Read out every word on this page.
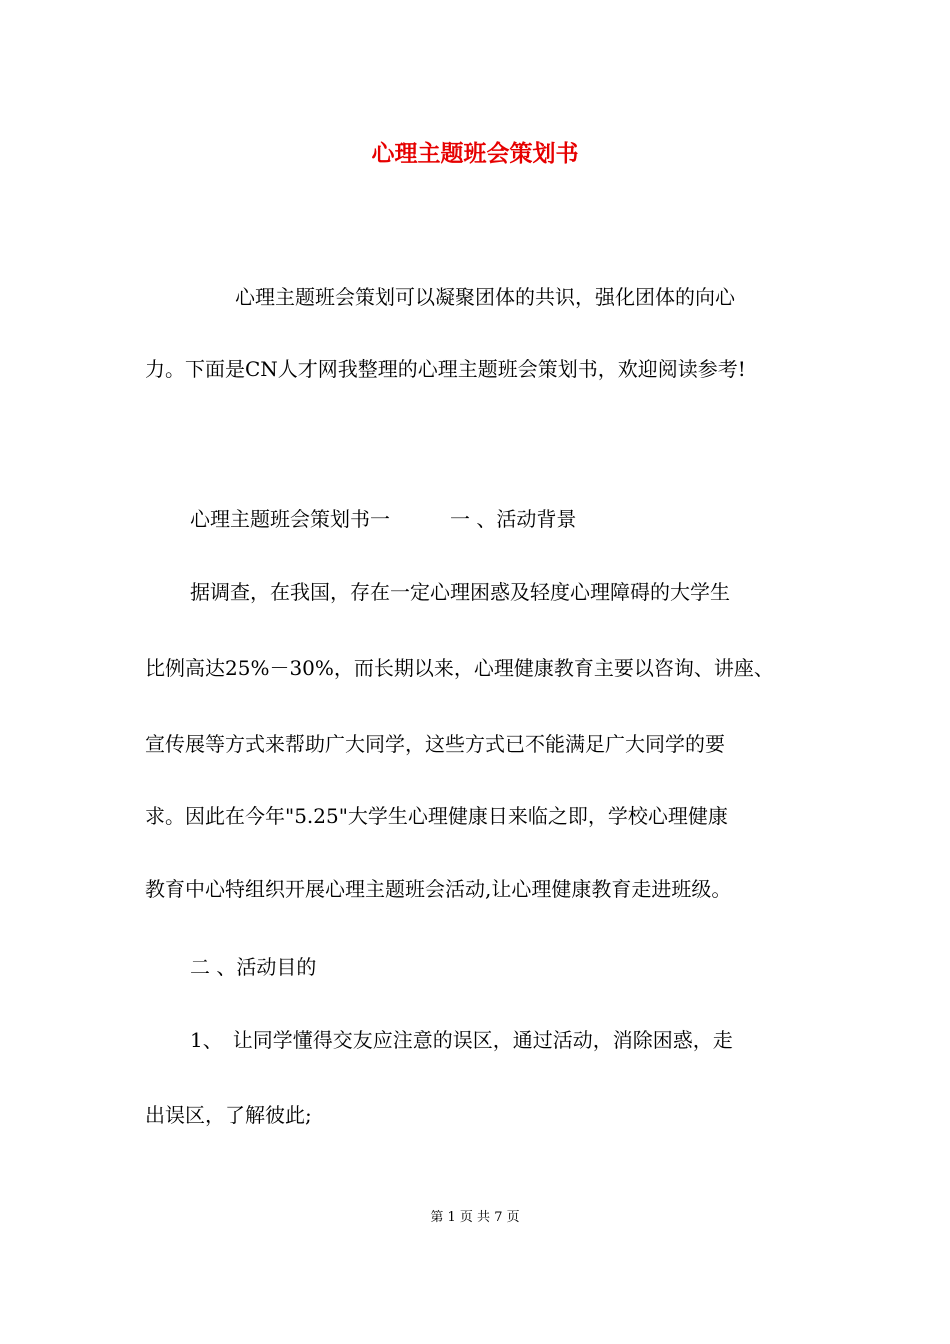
心理主题班会策划书
心理主题班会策划可以凝聚团体的共识，强化团体的向心
力。下面是CN人才网我整理的心理主题班会策划书，欢迎阅读参考!
心理主题班会策划书一　　　一 、活动背景
据调查，在我国，存在一定心理困惑及轻度心理障碍的大学生
比例高达25%－30%，而长期以来，心理健康教育主要以咨询、讲座、
宣传展等方式来帮助广大同学，这些方式已不能满足广大同学的要
求。因此在今年"5.25"大学生心理健康日来临之即，学校心理健康
教育中心特组织开展心理主题班会活动,让心理健康教育走进班级。
二 、活动目的
1、　让同学懂得交友应注意的误区，通过活动，消除困惑，走
出误区，了解彼此;
第 1 页 共 7 页
